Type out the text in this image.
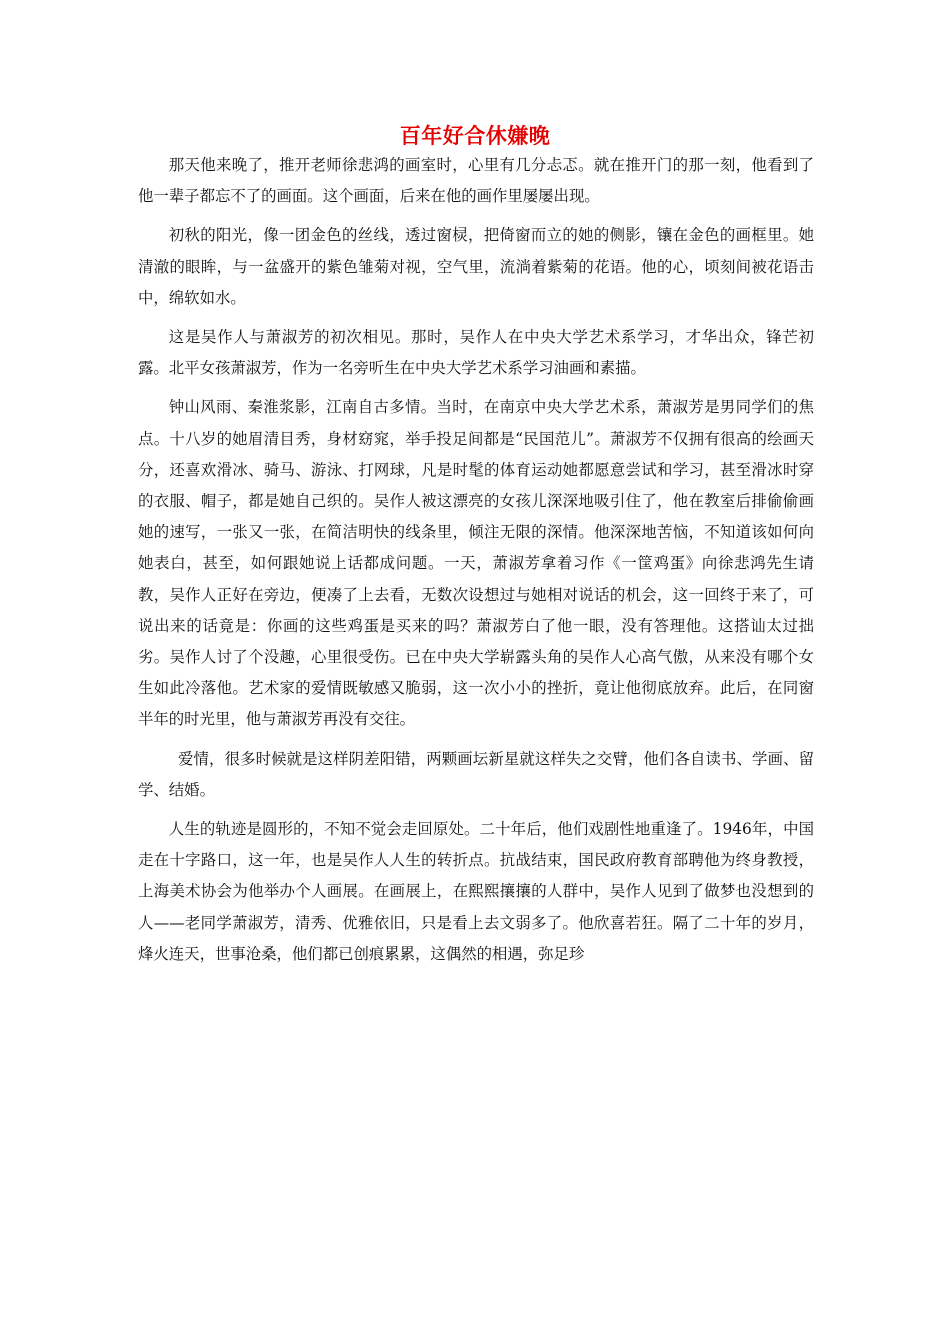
百年好合休嫌晚

那天他来晚了，推开老师徐悲鸿的画室时，心里有几分忐忑。就在推开门的那一刻，他看到了他一辈子都忘不了的画面。这个画面，后来在他的画作里屡屡出现。

初秋的阳光，像一团金色的丝线，透过窗棂，把倚窗而立的她的侧影，镶在金色的画框里。她清澈的眼眸，与一盆盛开的紫色雏菊对视，空气里，流淌着紫菊的花语。他的心，顷刻间被花语击中，绵软如水。

这是吴作人与萧淑芳的初次相见。那时，吴作人在中央大学艺术系学习，才华出众，锋芒初露。北平女孩萧淑芳，作为一名旁听生在中央大学艺术系学习油画和素描。

钟山风雨、秦淮浆影，江南自古多情。当时，在南京中央大学艺术系，萧淑芳是男同学们的焦点。十八岁的她眉清目秀，身材窈窕，举手投足间都是“民国范儿”。萧淑芳不仅拥有很高的绘画天分，还喜欢滑冰、骑马、游泳、打网球，凡是时髦的体育运动她都愿意尝试和学习，甚至滑冰时穿的衣服、帽子，都是她自己织的。吴作人被这漂亮的女孩儿深深地吸引住了，他在教室后排偷偷画她的速写，一张又一张，在简洁明快的线条里，倾注无限的深情。他深深地苦恼，不知道该如何向她表白，甚至，如何跟她说上话都成问题。一天，萧淑芳拿着习作《一筐鸡蛋》向徐悲鸿先生请教，吴作人正好在旁边，便凑了上去看，无数次设想过与她相对说话的机会，这一回终于来了，可说出来的话竟是：你画的这些鸡蛋是买来的吗？萧淑芳白了他一眼，没有答理他。这搭讪太过拙劣。吴作人讨了个没趣，心里很受伤。已在中央大学崭露头角的吴作人心高气傲，从来没有哪个女生如此冷落他。艺术家的爱情既敏感又脆弱，这一次小小的挫折，竟让他彻底放弃。此后，在同窗半年的时光里，他与萧淑芳再没有交往。

爱情，很多时候就是这样阴差阳错，两颗画坛新星就这样失之交臂，他们各自读书、学画、留学、结婚。

人生的轨迹是圆形的，不知不觉会走回原处。二十年后，他们戏剧性地重逢了。1946年，中国走在十字路口，这一年，也是吴作人人生的转折点。抗战结束，国民政府教育部聘他为终身教授，上海美术协会为他举办个人画展。在画展上，在熙熙攘攘的人群中，吴作人见到了做梦也没想到的人——老同学萧淑芳，清秀、优雅依旧，只是看上去文弱多了。他欣喜若狂。隔了二十年的岁月，烽火连天，世事沧桑，他们都已创痕累累，这偶然的相遇，弥足珍
